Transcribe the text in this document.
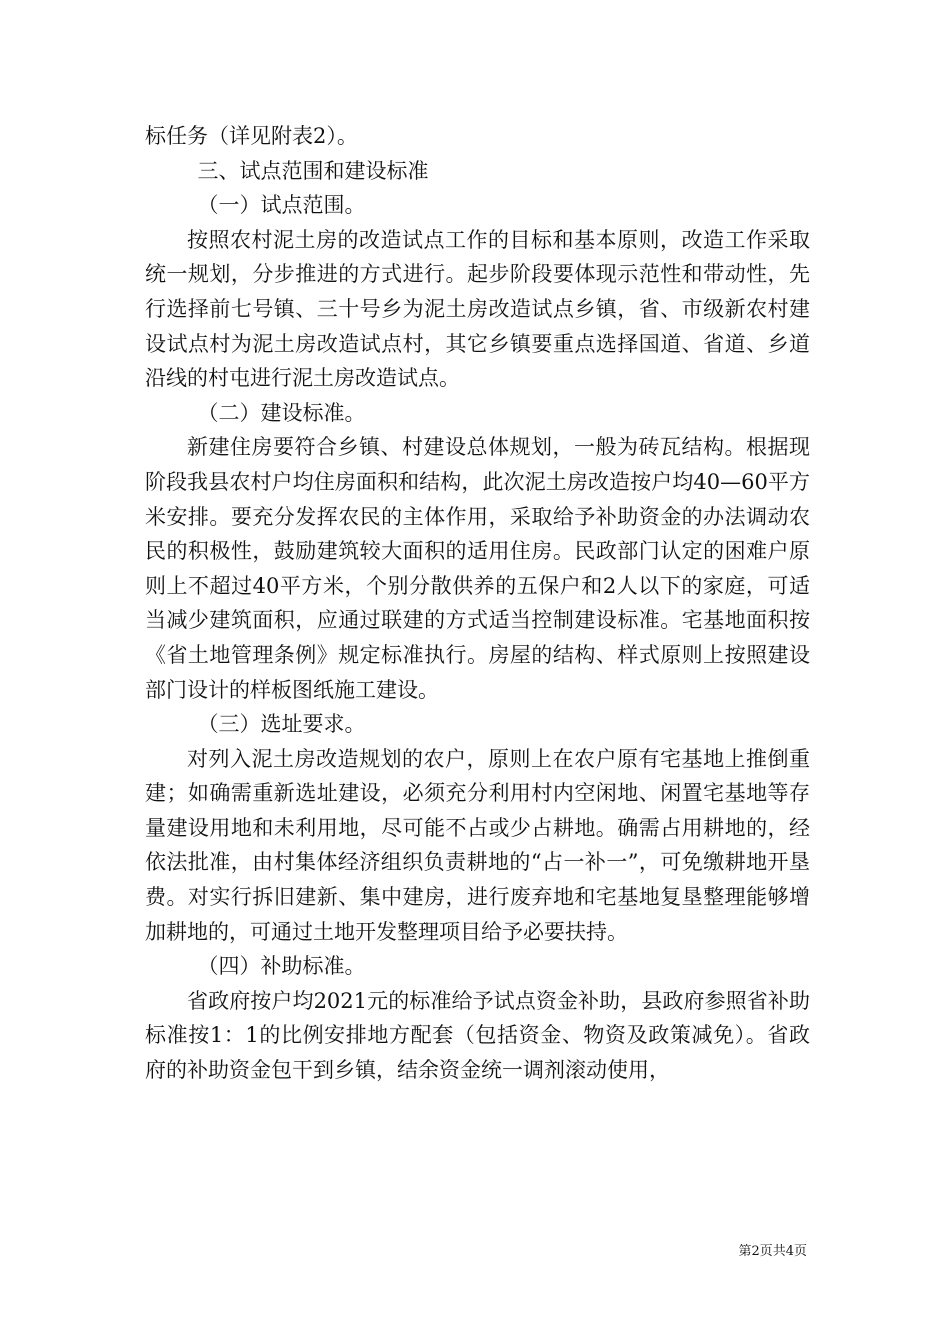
标任务（详见附表2）。

三、试点范围和建设标准

（一）试点范围。

按照农村泥土房的改造试点工作的目标和基本原则，改造工作采取统一规划，分步推进的方式进行。起步阶段要体现示范性和带动性，先行选择前七号镇、三十号乡为泥土房改造试点乡镇，省、市级新农村建设试点村为泥土房改造试点村，其它乡镇要重点选择国道、省道、乡道沿线的村屯进行泥土房改造试点。

（二）建设标准。

新建住房要符合乡镇、村建设总体规划，一般为砖瓦结构。根据现阶段我县农村户均住房面积和结构，此次泥土房改造按户均40—60平方米安排。要充分发挥农民的主体作用，采取给予补助资金的办法调动农民的积极性，鼓励建筑较大面积的适用住房。民政部门认定的困难户原则上不超过40平方米，个别分散供养的五保户和2人以下的家庭，可适当减少建筑面积，应通过联建的方式适当控制建设标准。宅基地面积按《省土地管理条例》规定标准执行。房屋的结构、样式原则上按照建设部门设计的样板图纸施工建设。

（三）选址要求。

对列入泥土房改造规划的农户，原则上在农户原有宅基地上推倒重建；如确需重新选址建设，必须充分利用村内空闲地、闲置宅基地等存量建设用地和未利用地，尽可能不占或少占耕地。确需占用耕地的，经依法批准，由村集体经济组织负责耕地的“占一补一”，可免缴耕地开垦费。对实行拆旧建新、集中建房，进行废弃地和宅基地复垦整理能够增加耕地的，可通过土地开发整理项目给予必要扶持。

（四）补助标准。

省政府按户均2021元的标准给予试点资金补助，县政府参照省补助标准按1：1的比例安排地方配套（包括资金、物资及政策减免）。省政府的补助资金包干到乡镇，结余资金统一调剂滚动使用，

第2页共4页
